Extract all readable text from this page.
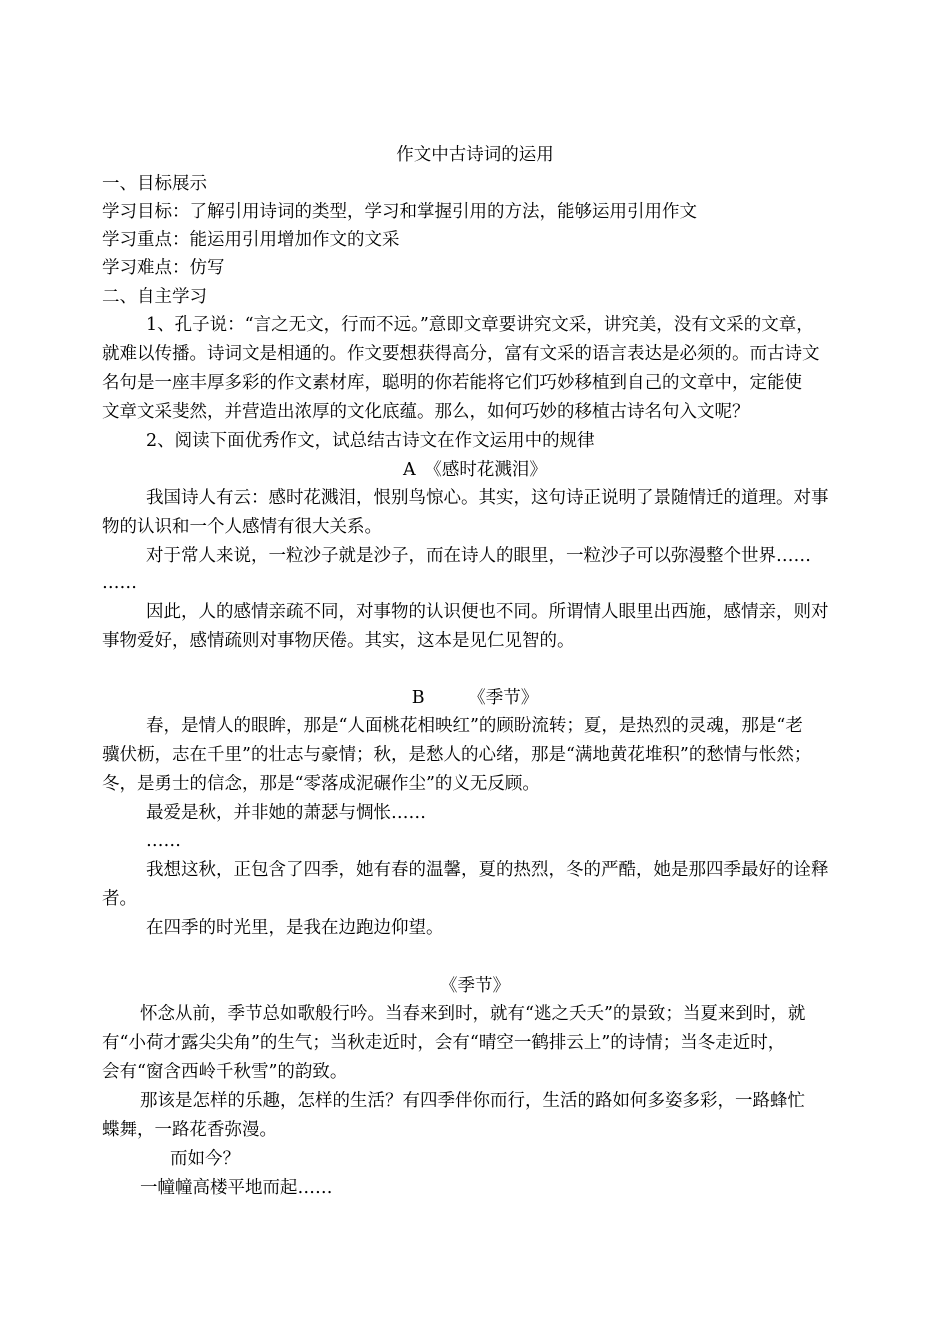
作文中古诗词的运用
一、目标展示
学习目标：了解引用诗词的类型，学习和掌握引用的方法，能够运用引用作文
学习重点：能运用引用增加作文的文采
学习难点：仿写
二、自主学习
1、孔子说：“言之无文，行而不远。”意即文章要讲究文采，讲究美，没有文采的文章，
就难以传播。诗词文是相通的。作文要想获得高分，富有文采的语言表达是必须的。而古诗文
名句是一座丰厚多彩的作文素材库，聪明的你若能将它们巧妙移植到自己的文章中，定能使
文章文采斐然，并营造出浓厚的文化底蕴。那么，如何巧妙的移植古诗名句入文呢？
2、阅读下面优秀作文，试总结古诗文在作文运用中的规律
A　《感时花溅泪》
我国诗人有云：感时花溅泪，恨别鸟惊心。其实，这句诗正说明了景随情迁的道理。对事
物的认识和一个人感情有很大关系。
对于常人来说，一粒沙子就是沙子，而在诗人的眼里，一粒沙子可以弥漫整个世界……
……
因此，人的感情亲疏不同，对事物的认识便也不同。所谓情人眼里出西施，感情亲，则对
事物爱好，感情疏则对事物厌倦。其实，这本是见仁见智的。
B　　　《季节》
春，是情人的眼眸，那是“人面桃花相映红”的顾盼流转；夏，是热烈的灵魂，那是“老
骥伏枥，志在千里”的壮志与豪情；秋，是愁人的心绪，那是“满地黄花堆积”的愁情与怅然；
冬，是勇士的信念，那是“零落成泥碾作尘”的义无反顾。
最爱是秋，并非她的萧瑟与惆怅……
……
我想这秋，正包含了四季，她有春的温馨，夏的热烈，冬的严酷，她是那四季最好的诠释
者。
在四季的时光里，是我在边跑边仰望。
《季节》
怀念从前，季节总如歌般行吟。当春来到时，就有“逃之夭夭”的景致；当夏来到时，就
有“小荷才露尖尖角”的生气；当秋走近时，会有“晴空一鹤排云上”的诗情；当冬走近时，
会有“窗含西岭千秋雪”的韵致。
那该是怎样的乐趣，怎样的生活？有四季伴你而行，生活的路如何多姿多彩，一路蜂忙
蝶舞，一路花香弥漫。
而如今？
一幢幢高楼平地而起……
